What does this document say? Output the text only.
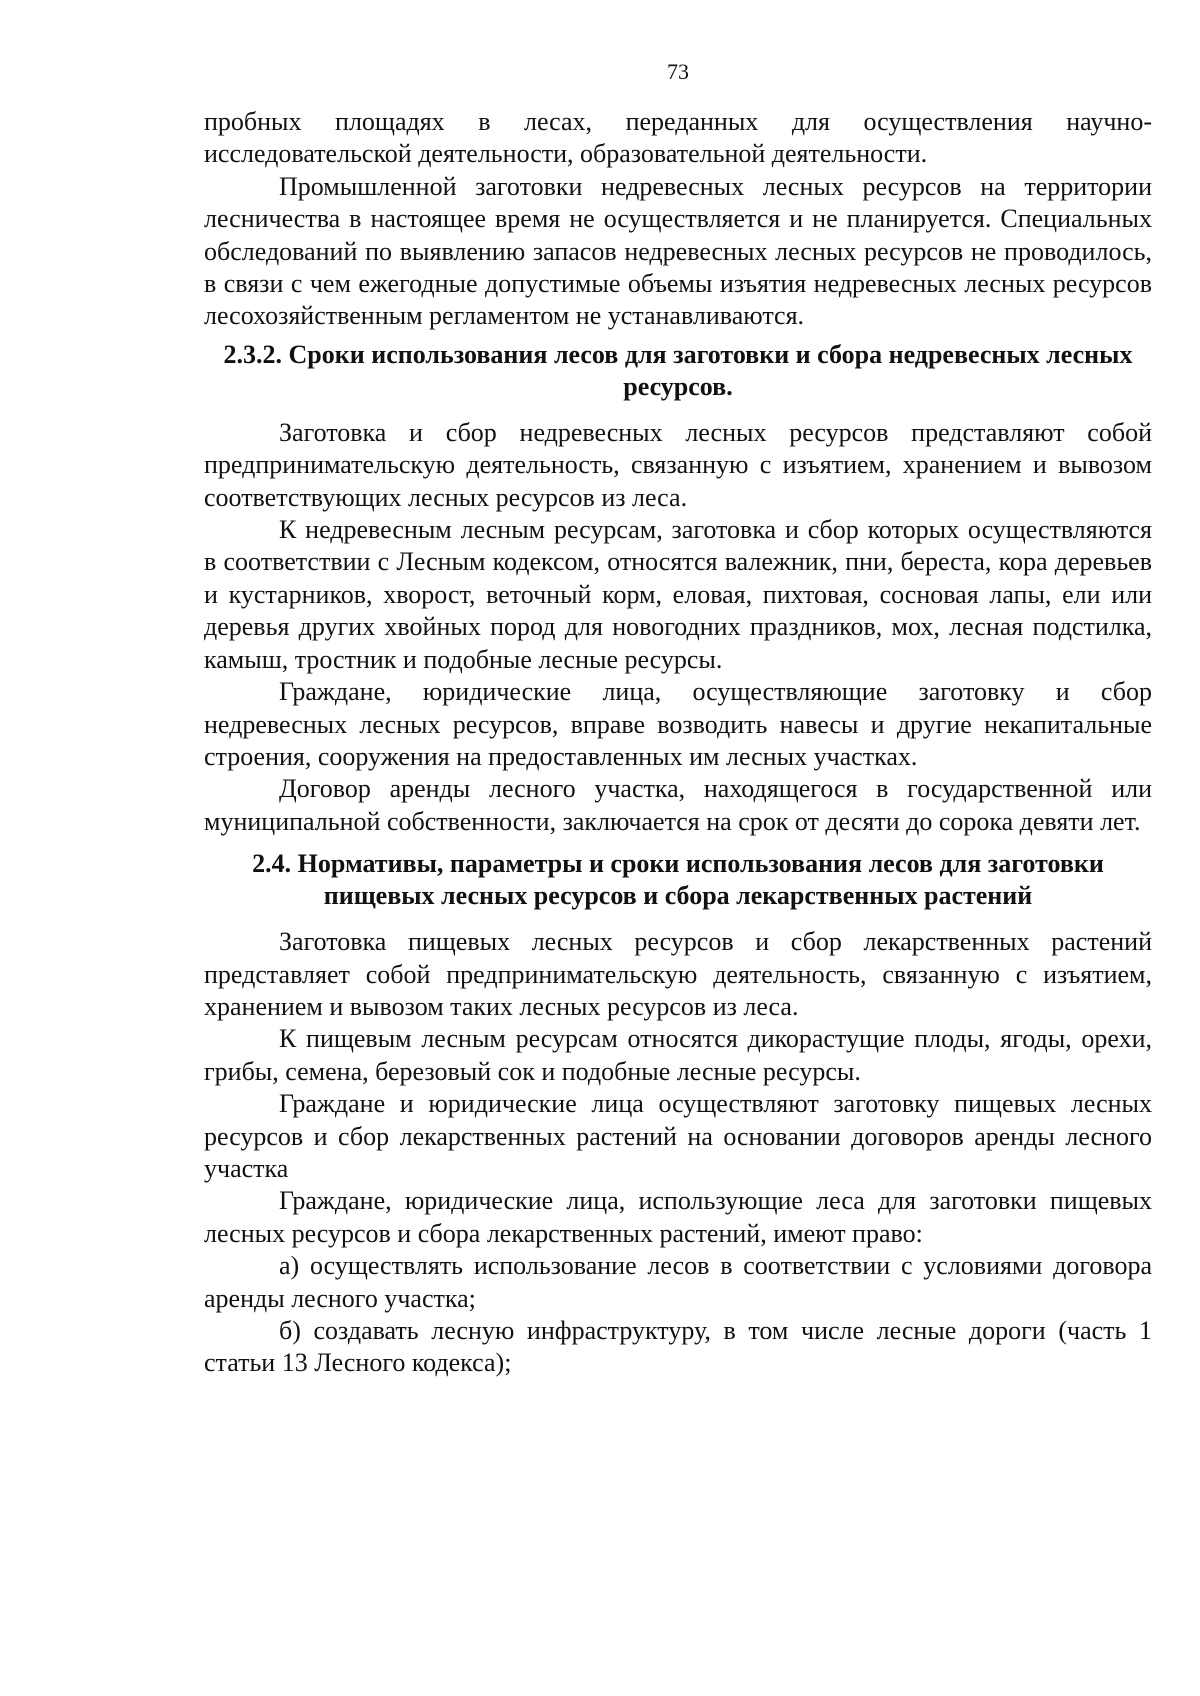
73

пробных площадях в лесах, переданных для осуществления научно-исследовательской деятельности, образовательной деятельности.

Промышленной заготовки недревесных лесных ресурсов на территории лесничества в настоящее время не осуществляется и не планируется. Специальных обследований по выявлению запасов недревесных лесных ресурсов не проводилось, в связи с чем ежегодные допустимые объемы изъятия недревесных лесных ресурсов лесохозяйственным регламентом не устанавливаются.

2.3.2. Сроки использования лесов для заготовки и сбора недревесных лесных ресурсов.

Заготовка и сбор недревесных лесных ресурсов представляют собой предпринимательскую деятельность, связанную с изъятием, хранением и вывозом соответствующих лесных ресурсов из леса.

К недревесным лесным ресурсам, заготовка и сбор которых осуществляются в соответствии с Лесным кодексом, относятся валежник, пни, береста, кора деревьев и кустарников, хворост, веточный корм, еловая, пихтовая, сосновая лапы, ели или деревья других хвойных пород для новогодних праздников, мох, лесная подстилка, камыш, тростник и подобные лесные ресурсы.

Граждане, юридические лица, осуществляющие заготовку и сбор недревесных лесных ресурсов, вправе возводить навесы и другие некапитальные строения, сооружения на предоставленных им лесных участках.

Договор аренды лесного участка, находящегося в государственной или муниципальной собственности, заключается на срок от десяти до сорока девяти лет.

2.4. Нормативы, параметры и сроки использования лесов для заготовки пищевых лесных ресурсов и сбора лекарственных растений

Заготовка пищевых лесных ресурсов и сбор лекарственных растений представляет собой предпринимательскую деятельность, связанную с изъятием, хранением и вывозом таких лесных ресурсов из леса.

К пищевым лесным ресурсам относятся дикорастущие плоды, ягоды, орехи, грибы, семена, березовый сок и подобные лесные ресурсы.

Граждане и юридические лица осуществляют заготовку пищевых лесных ресурсов и сбор лекарственных растений на основании договоров аренды лесного участка

Граждане, юридические лица, использующие леса для заготовки пищевых лесных ресурсов и сбора лекарственных растений, имеют право:

а) осуществлять использование лесов в соответствии с условиями договора аренды лесного участка;

б) создавать лесную инфраструктуру, в том числе лесные дороги (часть 1 статьи 13 Лесного кодекса);
